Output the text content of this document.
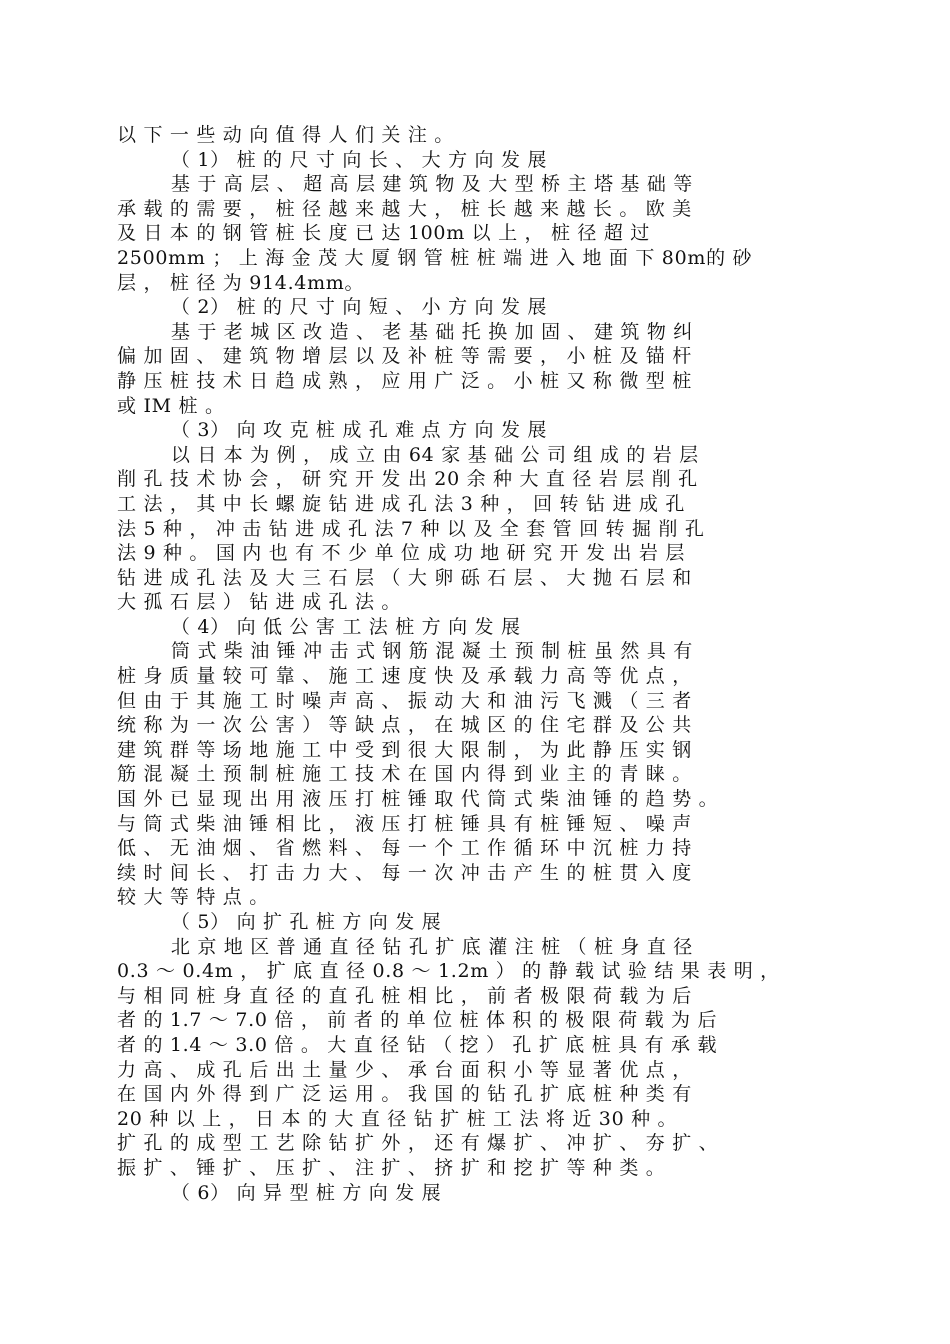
以 下 一 些 动 向 值 得 人 们 关 注 。
（ 1） 桩 的 尺 寸 向 长 、 大 方 向 发 展
基 于 高 层 、 超 高 层 建 筑 物 及 大 型 桥 主 塔 基 础 等
承 载 的 需 要 ， 桩 径 越 来 越 大 ， 桩 长 越 来 越 长 。 欧 美
及 日 本 的 钢 管 桩 长 度 已 达 100m 以 上 ， 桩 径 超 过
2500mm ； 上 海 金 茂 大 厦 钢 管 桩 桩 端 进 入 地 面 下 80m的 砂
层 ， 桩 径 为 914.4mm。
（ 2） 桩 的 尺 寸 向 短 、 小 方 向 发 展
基 于 老 城 区 改 造 、 老 基 础 托 换 加 固 、 建 筑 物 纠
偏 加 固 、 建 筑 物 增 层 以 及 补 桩 等 需 要 ， 小 桩 及 锚 杆
静 压 桩 技 术 日 趋 成 熟 ， 应 用 广 泛 。 小 桩 又 称 微 型 桩
或 IM 桩 。
（ 3） 向 攻 克 桩 成 孔 难 点 方 向 发 展
以 日 本 为 例 ， 成 立 由 64 家 基 础 公 司 组 成 的 岩 层
削 孔 技 术 协 会 ， 研 究 开 发 出 20 余 种 大 直 径 岩 层 削 孔
工 法 ， 其 中 长 螺 旋 钻 进 成 孔 法 3 种 ， 回 转 钻 进 成 孔
法 5 种 ， 冲 击 钻 进 成 孔 法 7 种 以 及 全 套 管 回 转 掘 削 孔
法 9 种 。 国 内 也 有 不 少 单 位 成 功 地 研 究 开 发 出 岩 层
钻 进 成 孔 法 及 大 三 石 层 （ 大 卵 砾 石 层 、 大 抛 石 层 和
大 孤 石 层 ） 钻 进 成 孔 法 。
（ 4） 向 低 公 害 工 法 桩 方 向 发 展
筒 式 柴 油 锤 冲 击 式 钢 筋 混 凝 土 预 制 桩 虽 然 具 有
桩 身 质 量 较 可 靠 、 施 工 速 度 快 及 承 载 力 高 等 优 点 ，
但 由 于 其 施 工 时 噪 声 高 、 振 动 大 和 油 污 飞 溅 （ 三 者
统 称 为 一 次 公 害 ） 等 缺 点 ， 在 城 区 的 住 宅 群 及 公 共
建 筑 群 等 场 地 施 工 中 受 到 很 大 限 制 ， 为 此 静 压 实 钢
筋 混 凝 土 预 制 桩 施 工 技 术 在 国 内 得 到 业 主 的 青 睐 。
国 外 已 显 现 出 用 液 压 打 桩 锤 取 代 筒 式 柴 油 锤 的 趋 势 。
与 筒 式 柴 油 锤 相 比 ， 液 压 打 桩 锤 具 有 桩 锤 短 、 噪 声
低 、 无 油 烟 、 省 燃 料 、 每 一 个 工 作 循 环 中 沉 桩 力 持
续 时 间 长 、 打 击 力 大 、 每 一 次 冲 击 产 生 的 桩 贯 入 度
较 大 等 特 点 。
（ 5） 向 扩 孔 桩 方 向 发 展
北 京 地 区 普 通 直 径 钻 孔 扩 底 灌 注 桩 （ 桩 身 直 径
0.3 ～ 0.4m ， 扩 底 直 径 0.8 ～ 1.2m ） 的 静 载 试 验 结 果 表 明 ，
与 相 同 桩 身 直 径 的 直 孔 桩 相 比 ， 前 者 极 限 荷 载 为 后
者 的 1.7 ～ 7.0 倍 ， 前 者 的 单 位 桩 体 积 的 极 限 荷 载 为 后
者 的 1.4 ～ 3.0 倍 。 大 直 径 钻 （ 挖 ） 孔 扩 底 桩 具 有 承 载
力 高 、 成 孔 后 出 土 量 少 、 承 台 面 积 小 等 显 著 优 点 ，
在 国 内 外 得 到 广 泛 运 用 。 我 国 的 钻 孔 扩 底 桩 种 类 有
20 种 以 上 ， 日 本 的 大 直 径 钻 扩 桩 工 法 将 近 30 种 。
扩 孔 的 成 型 工 艺 除 钻 扩 外 ， 还 有 爆 扩 、 冲 扩 、 夯 扩 、
振 扩 、 锤 扩 、 压 扩 、 注 扩 、 挤 扩 和 挖 扩 等 种 类 。
（ 6） 向 异 型 桩 方 向 发 展
